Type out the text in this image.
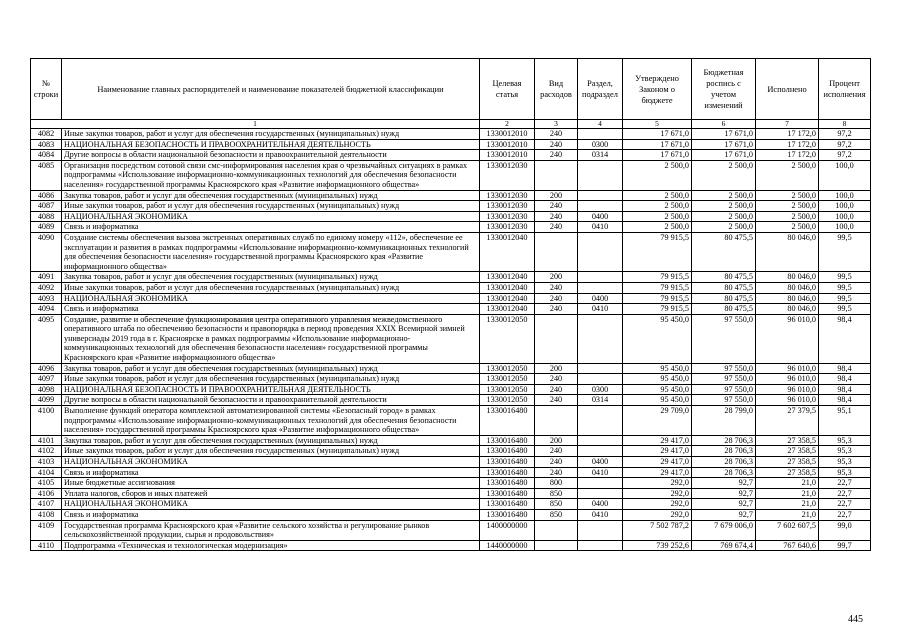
№ строки	Наименование главных распорядителей и наименование показателей бюджетной классификации	Целевая статья	Вид расходов	Раздел, подраздел	Утверждено Законом о бюджете	Бюджетная роспись с учетом изменений	Исполнено	Процент исполнения
1		2	3	4	5	6	7	8
4082	Иные закупки товаров, работ и услуг для обеспечения государственных (муниципальных) нужд	1330012010	240		17 671,0	17 671,0	17 172,0	97,2
4083	НАЦИОНАЛЬНАЯ БЕЗОПАСНОСТЬ И ПРАВООХРАНИТЕЛЬНАЯ ДЕЯТЕЛЬНОСТЬ	1330012010	240	0300	17 671,0	17 671,0	17 172,0	97,2
4084	Другие вопросы в области национальной безопасности и правоохранительной деятельности	1330012010	240	0314	17 671,0	17 671,0	17 172,0	97,2
4085	Организация посредством сотовой связи смс-информирования населения края о чрезвычайных ситуациях в рамках подпрограммы «Использование информационно-коммуникационных технологий для обеспечения безопасности населения» государственной программы Красноярского края «Развитие информационного общества»	1330012030			2 500,0	2 500,0	2 500,0	100,0
4086	Закупка товаров, работ и услуг для обеспечения государственных (муниципальных) нужд	1330012030	200		2 500,0	2 500,0	2 500,0	100,0
4087	Иные закупки товаров, работ и услуг для обеспечения государственных (муниципальных) нужд	1330012030	240		2 500,0	2 500,0	2 500,0	100,0
4088	НАЦИОНАЛЬНАЯ ЭКОНОМИКА	1330012030	240	0400	2 500,0	2 500,0	2 500,0	100,0
4089	Связь и информатика	1330012030	240	0410	2 500,0	2 500,0	2 500,0	100,0
4090	Создание системы обеспечения вызова экстренных оперативных служб по единому номеру «112», обеспечение ее эксплуатации и развития в рамках подпрограммы «Использование информационно-коммуникационных технологий для обеспечения безопасности населения» государственной программы Красноярского края «Развитие информационного общества»	1330012040			79 915,5	80 475,5	80 046,0	99,5
4091	Закупка товаров, работ и услуг для обеспечения государственных (муниципальных) нужд	1330012040	200		79 915,5	80 475,5	80 046,0	99,5
4092	Иные закупки товаров, работ и услуг для обеспечения государственных (муниципальных) нужд	1330012040	240		79 915,5	80 475,5	80 046,0	99,5
4093	НАЦИОНАЛЬНАЯ ЭКОНОМИКА	1330012040	240	0400	79 915,5	80 475,5	80 046,0	99,5
4094	Связь и информатика	1330012040	240	0410	79 915,5	80 475,5	80 046,0	99,5
4095	Создание, развитие и обеспечение функционирования центра оперативного управления межведомственного оперативного штаба по обеспечению безопасности и правопорядка в период проведения XXIX Всемирной зимней универсиады 2019 года в г. Красноярске в рамках подпрограммы «Использование информационно-коммуникационных технологий для обеспечения безопасности населения» государственной программы Красноярского края «Развитие информационного общества»	1330012050			95 450,0	97 550,0	96 010,0	98,4
4096	Закупка товаров, работ и услуг для обеспечения государственных (муниципальных) нужд	1330012050	200		95 450,0	97 550,0	96 010,0	98,4
4097	Иные закупки товаров, работ и услуг для обеспечения государственных (муниципальных) нужд	1330012050	240		95 450,0	97 550,0	96 010,0	98,4
4098	НАЦИОНАЛЬНАЯ БЕЗОПАСНОСТЬ И ПРАВООХРАНИТЕЛЬНАЯ ДЕЯТЕЛЬНОСТЬ	1330012050	240	0300	95 450,0	97 550,0	96 010,0	98,4
4099	Другие вопросы в области национальной безопасности и правоохранительной деятельности	1330012050	240	0314	95 450,0	97 550,0	96 010,0	98,4
4100	Выполнение функций оператора комплексной автоматизированной системы «Безопасный город» в рамках подпрограммы «Использование информационно-коммуникационных технологий для обеспечения безопасности населения» государственной программы Красноярского края «Развитие информационного общества»	1330016480			29 709,0	28 799,0	27 379,5	95,1
4101	Закупка товаров, работ и услуг для обеспечения государственных (муниципальных) нужд	1330016480	200		29 417,0	28 706,3	27 358,5	95,3
4102	Иные закупки товаров, работ и услуг для обеспечения государственных (муниципальных) нужд	1330016480	240		29 417,0	28 706,3	27 358,5	95,3
4103	НАЦИОНАЛЬНАЯ ЭКОНОМИКА	1330016480	240	0400	29 417,0	28 706,3	27 358,5	95,3
4104	Связь и информатика	1330016480	240	0410	29 417,0	28 706,3	27 358,5	95,3
4105	Иные бюджетные ассигнования	1330016480	800		292,0	92,7	21,0	22,7
4106	Уплата налогов, сборов и иных платежей	1330016480	850		292,0	92,7	21,0	22,7
4107	НАЦИОНАЛЬНАЯ ЭКОНОМИКА	1330016480	850	0400	292,0	92,7	21,0	22,7
4108	Связь и информатика	1330016480	850	0410	292,0	92,7	21,0	22,7
4109	Государственная программа Красноярского края «Развитие сельского хозяйства и регулирование рынков сельскохозяйственной продукции, сырья и продовольствия»	1400000000			7 502 787,2	7 679 006,0	7 602 607,5	99,0
4110	Подпрограмма «Техническая и технологическая модернизация»	1440000000			739 252,6	769 674,4	767 640,6	99,7
445
